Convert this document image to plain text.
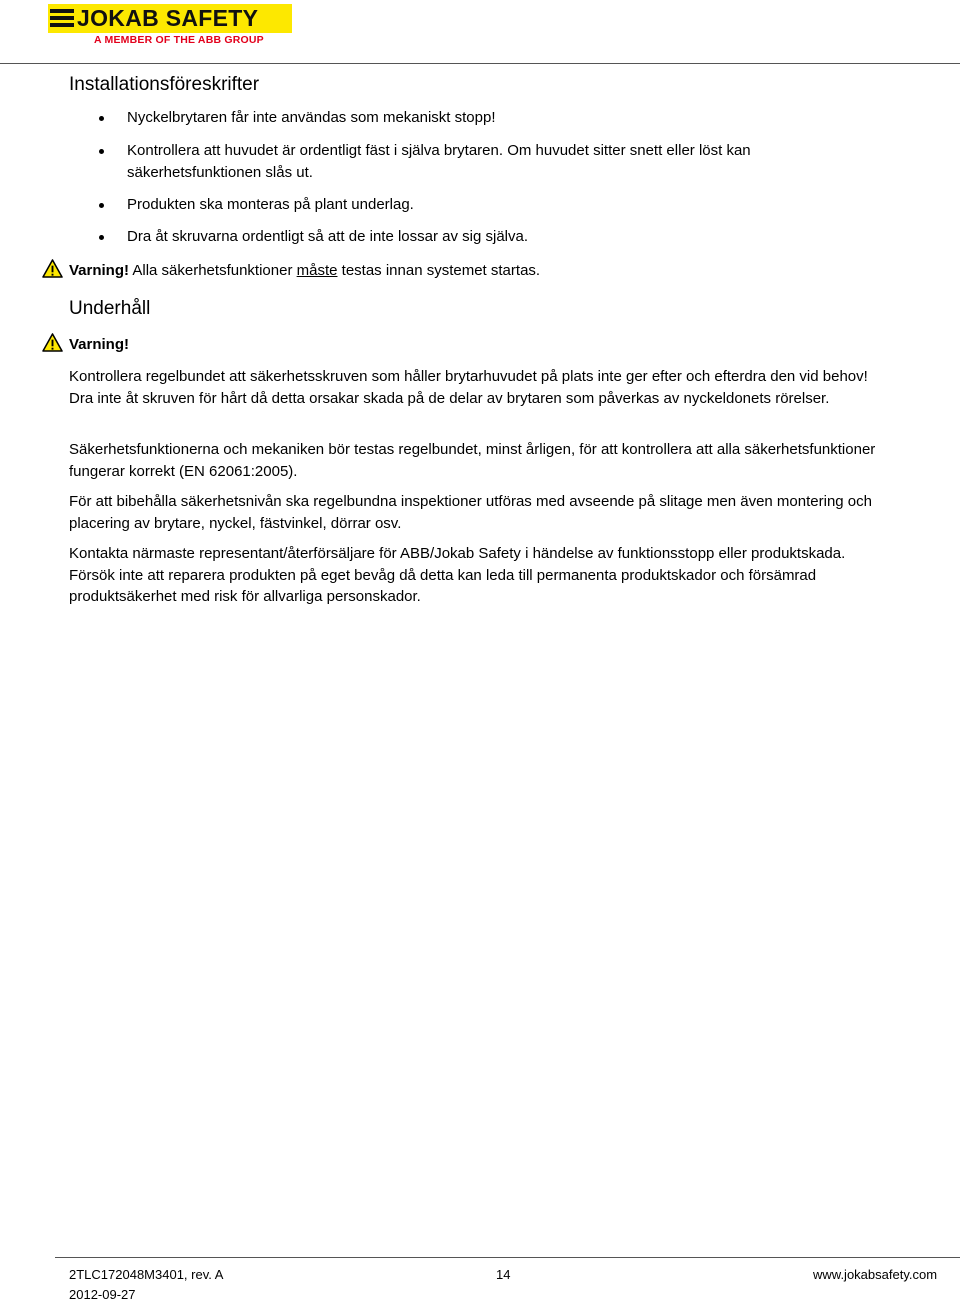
JOKAB SAFETY
A MEMBER OF THE ABB GROUP
Installationsföreskrifter
Nyckelbrytaren får inte användas som mekaniskt stopp!
Kontrollera att huvudet är ordentligt fäst i själva brytaren. Om huvudet sitter snett eller löst kan säkerhetsfunktionen slås ut.
Produkten ska monteras på plant underlag.
Dra åt skruvarna ordentligt så att de inte lossar av sig själva.
Varning! Alla säkerhetsfunktioner måste testas innan systemet startas.
Underhåll
Varning!
Kontrollera regelbundet att säkerhetsskruven som håller brytarhuvudet på plats inte ger efter och efterdra den vid behov! Dra inte åt skruven för hårt då detta orsakar skada på de delar av brytaren som påverkas av nyckeldonets rörelser.
Säkerhetsfunktionerna och mekaniken bör testas regelbundet, minst årligen, för att kontrollera att alla säkerhetsfunktioner fungerar korrekt (EN 62061:2005).
För att bibehålla säkerhetsnivån ska regelbundna inspektioner utföras med avseende på slitage men även montering och placering av brytare, nyckel, fästvinkel, dörrar osv.
Kontakta närmaste representant/återförsäljare för ABB/Jokab Safety i händelse av funktionsstopp eller produktskada. Försök inte att reparera produkten på eget bevåg då detta kan leda till permanenta produktskador och försämrad produktsäkerhet med risk för allvarliga personskador.
2TLC172048M3401, rev. A
2012-09-27
14	www.jokabsafety.com
